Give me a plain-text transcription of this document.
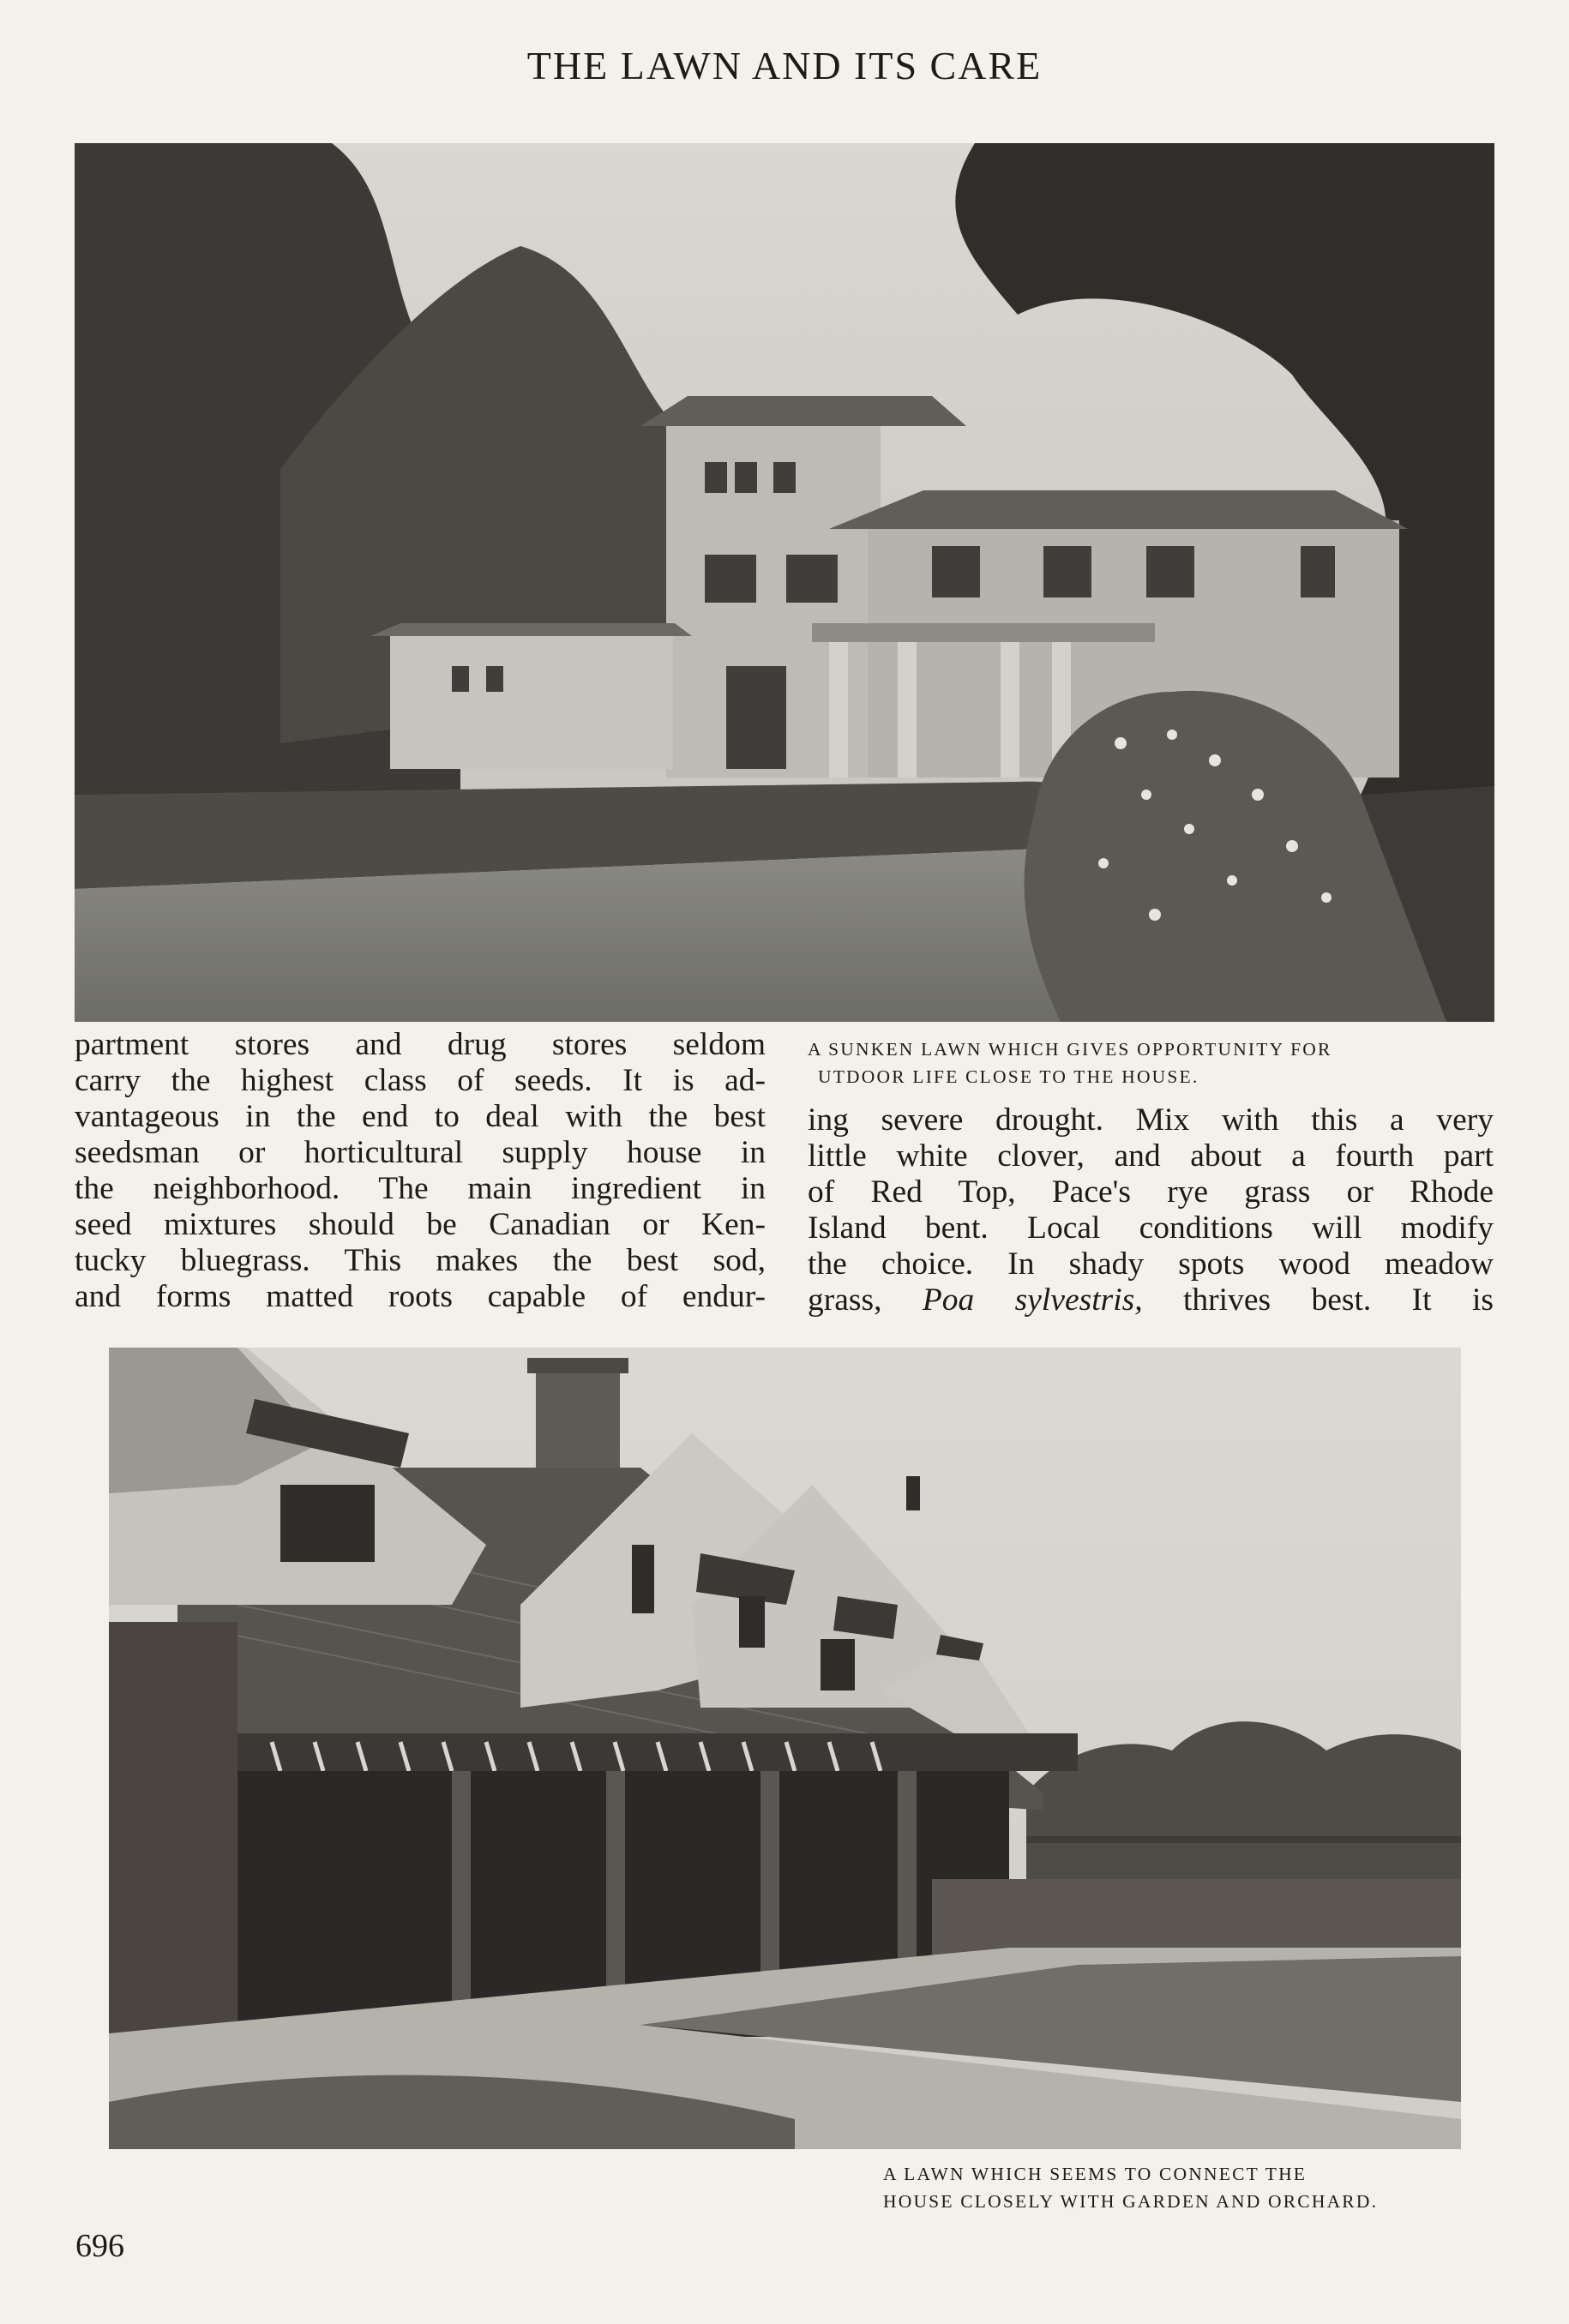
THE LAWN AND ITS CARE

partment stores and drug stores seldom

carry the highest class of seeds. It is ad-

vantageous in the end to deal with the best

seedsman or horticultural supply house in

the neighborhood. The main ingredient in

seed mixtures should be Canadian or Ken-

tucky bluegrass. This makes the best sod,

and forms matted roots capable of endur-

A SUNKEN LAWN WHICH GIVES OPPORTUNITY FOR
UTDOOR LIFE CLOSE TO THE HOUSE.

ing severe drought. Mix with this a very

little white clover, and about a fourth part

of Red Top, Pace's rye grass or Rhode

Island bent. Local conditions will modify

the choice. In shady spots wood meadow

grass, Poa sylvestris, thrives best. It is

A LAWN WHICH SEEMS TO CONNECT THE
HOUSE CLOSELY WITH GARDEN AND ORCHARD.
696
